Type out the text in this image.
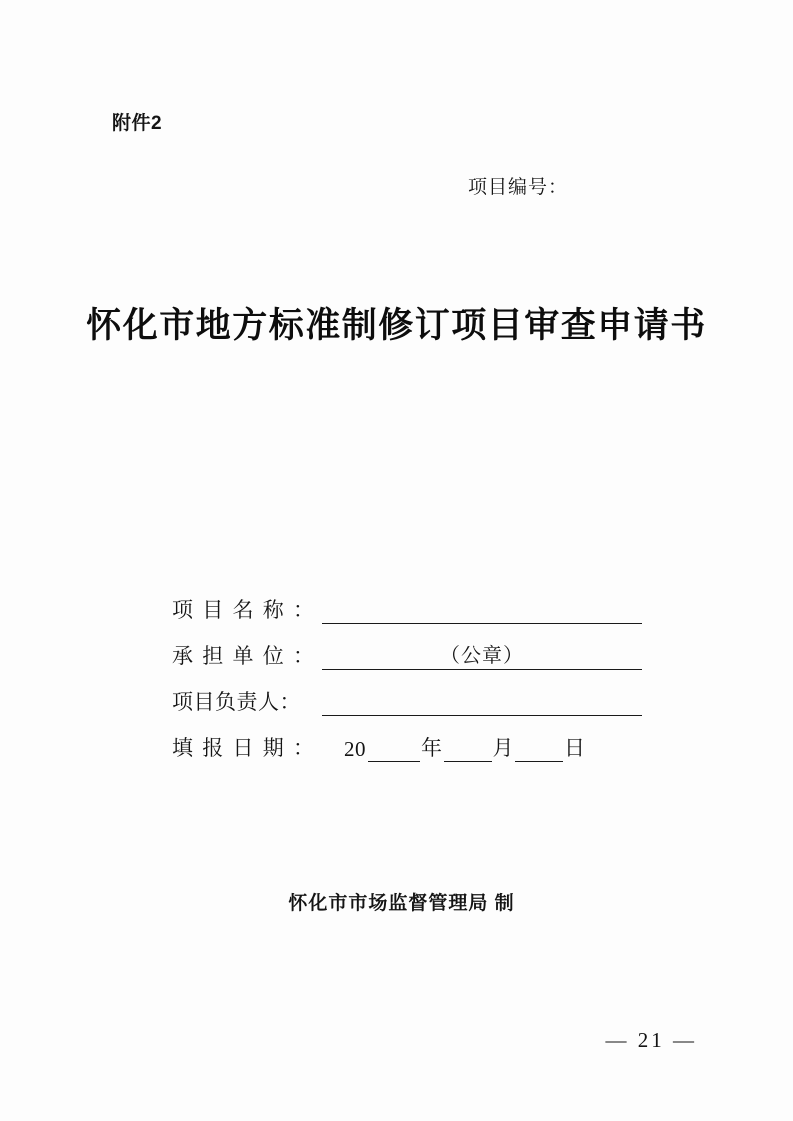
附件2
项目编号：
怀化市地方标准制修订项目审查申请书
项 目 名 称 ：
承 担 单 位 ：	（公章）
项目负责人：
填 报 日 期 ： 20	年 月 日
怀化市市场监督管理局 制
— 21 —
